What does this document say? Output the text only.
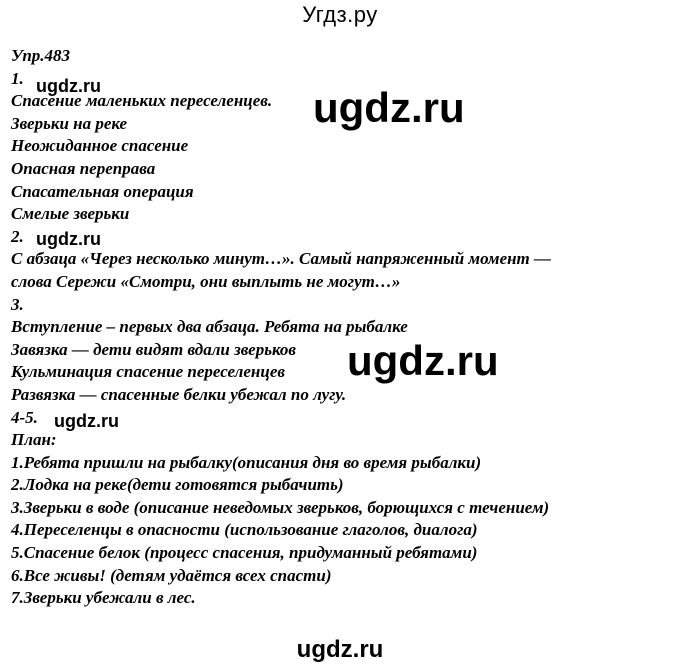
Угдз.ру
Упр.483
1.
Спасение маленьких переселенцев.
Зверьки на реке
Неожиданное спасение
Опасная переправа
Спасательная операция
Смелые зверьки
2.
С абзаца «Через несколько минут…». Самый напряженный момент —
слова Сережи «Смотри, они выплыть не могут…»
3.
Вступление – первых два абзаца. Ребята на рыбалке
Завязка — дети видят вдали зверьков
Кульминация спасение переселенцев
Развязка — спасенные белки убежал по лугу.
4-5.
План:
1.Ребята пришли на рыбалку(описания дня во время рыбалки)
2.Лодка на реке(дети готовятся рыбачить)
3.Зверьки в воде (описание неведомых зверьков, борющихся с течением)
4.Переселенцы в опасности (использование глаголов, диалога)
5.Спасение белок (процесс спасения, придуманный ребятами)
6.Все живы! (детям удаётся всех спасти)
7.Зверьки убежали в лес.
ugdz.ru	ugdz.ru
ugdz.ru
ugdz.ru
ugdz.ru
ugdz.ru
